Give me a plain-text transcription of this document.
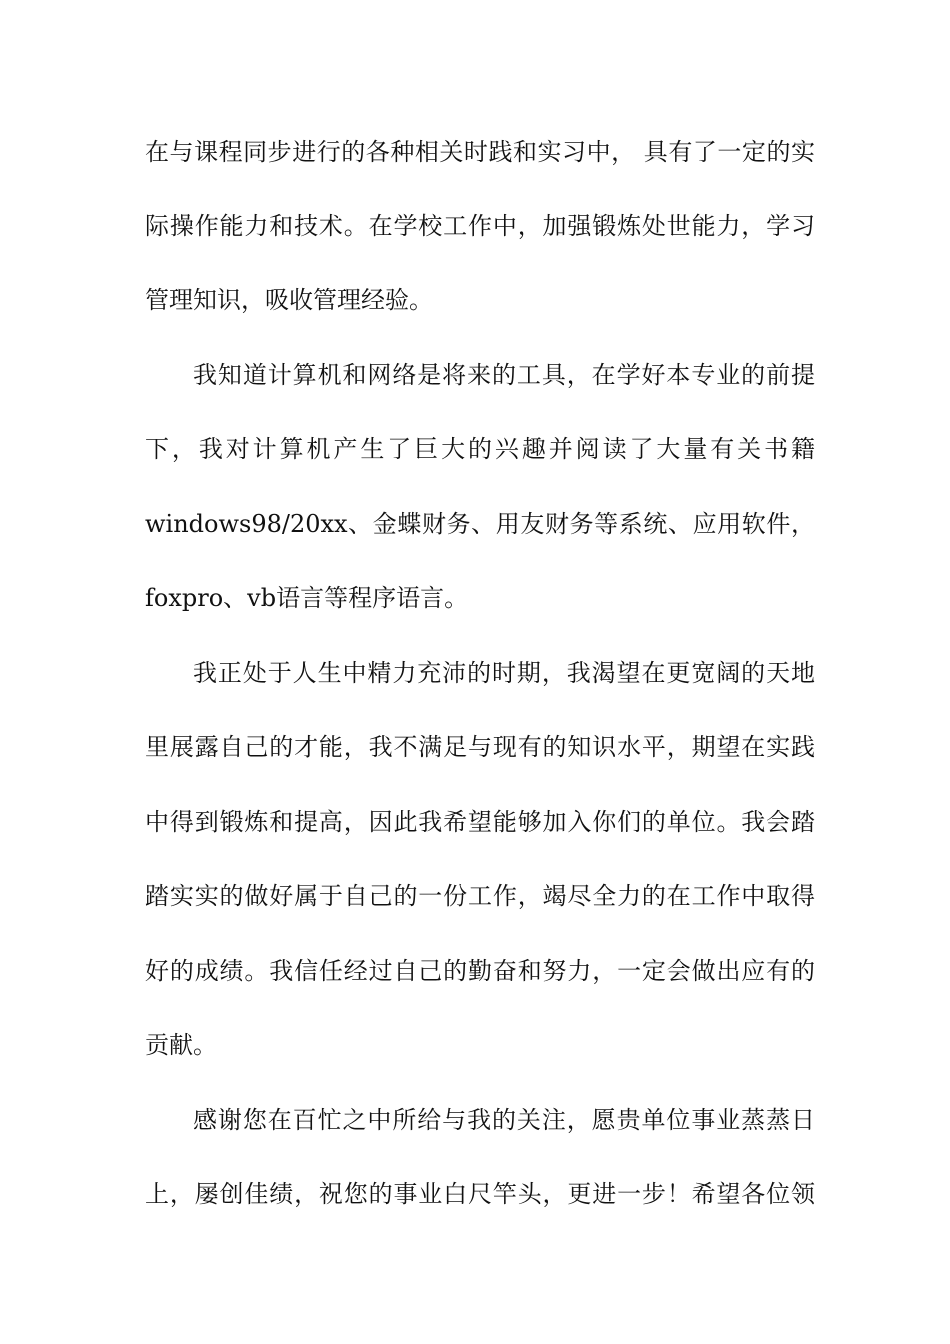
在与课程同步进行的各种相关时践和实习中， 具有了一定的实
际操作能力和技术。在学校工作中，加强锻炼处世能力，学习
管理知识，吸收管理经验。
我知道计算机和网络是将来的工具，在学好本专业的前提
下，我对计算机产生了巨大的兴趣并阅读了大量有关书籍
windows98/20xx、金蝶财务、用友财务等系统、应用软件，
foxpro、vb语言等程序语言。
我正处于人生中精力充沛的时期，我渴望在更宽阔的天地
里展露自己的才能，我不满足与现有的知识水平，期望在实践
中得到锻炼和提高，因此我希望能够加入你们的单位。我会踏
踏实实的做好属于自己的一份工作，竭尽全力的在工作中取得
好的成绩。我信任经过自己的勤奋和努力，一定会做出应有的
贡献。
感谢您在百忙之中所给与我的关注，愿贵单位事业蒸蒸日
上，屡创佳绩，祝您的事业白尺竿头，更进一步！希望各位领
